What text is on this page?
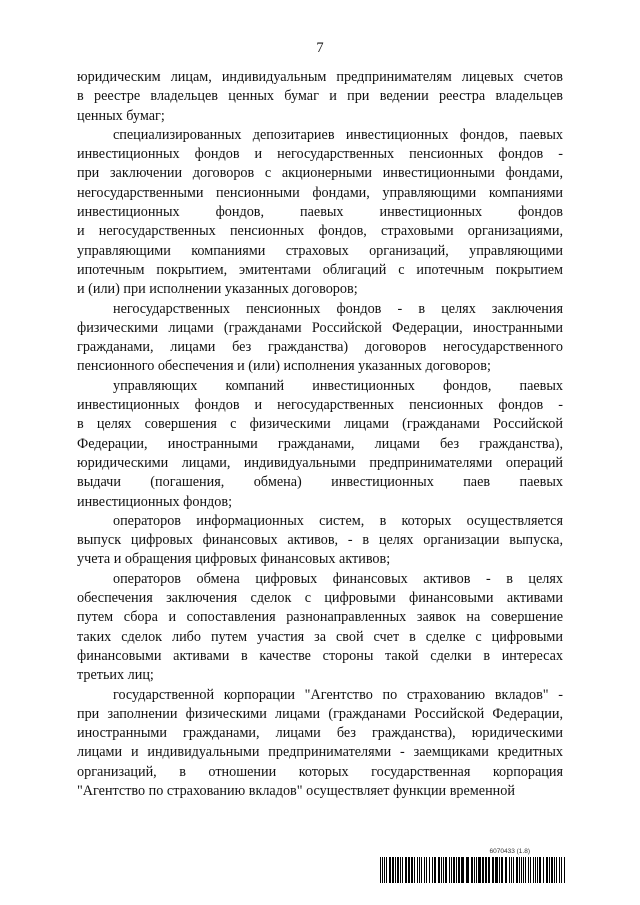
7
юридическим лицам, индивидуальным предпринимателям лицевых счетов
в реестре владельцев ценных бумаг и при ведении реестра владельцев
ценных бумаг;
специализированных депозитариев инвестиционных фондов, паевых
инвестиционных фондов и негосударственных пенсионных фондов -
при заключении договоров с акционерными инвестиционными фондами,
негосударственными пенсионными фондами, управляющими компаниями
инвестиционных фондов, паевых инвестиционных фондов
и негосударственных пенсионных фондов, страховыми организациями,
управляющими компаниями страховых организаций, управляющими
ипотечным покрытием, эмитентами облигаций с ипотечным покрытием
и (или) при исполнении указанных договоров;
негосударственных пенсионных фондов - в целях заключения
физическими лицами (гражданами Российской Федерации, иностранными
гражданами, лицами без гражданства) договоров негосударственного
пенсионного обеспечения и (или) исполнения указанных договоров;
управляющих компаний инвестиционных фондов, паевых
инвестиционных фондов и негосударственных пенсионных фондов -
в целях совершения с физическими лицами (гражданами Российской
Федерации, иностранными гражданами, лицами без гражданства),
юридическими лицами, индивидуальными предпринимателями операций
выдачи (погашения, обмена) инвестиционных паев паевых
инвестиционных фондов;
операторов информационных систем, в которых осуществляется
выпуск цифровых финансовых активов, - в целях организации выпуска,
учета и обращения цифровых финансовых активов;
операторов обмена цифровых финансовых активов - в целях
обеспечения заключения сделок с цифровыми финансовыми активами
путем сбора и сопоставления разнонаправленных заявок на совершение
таких сделок либо путем участия за свой счет в сделке с цифровыми
финансовыми активами в качестве стороны такой сделки в интересах
третьих лиц;
государственной корпорации "Агентство по страхованию вкладов" -
при заполнении физическими лицами (гражданами Российской Федерации,
иностранными гражданами, лицами без гражданства), юридическими
лицами и индивидуальными предпринимателями - заемщиками кредитных
организаций, в отношении которых государственная корпорация
"Агентство по страхованию вкладов" осуществляет функции временной
6070433 (1.8)
